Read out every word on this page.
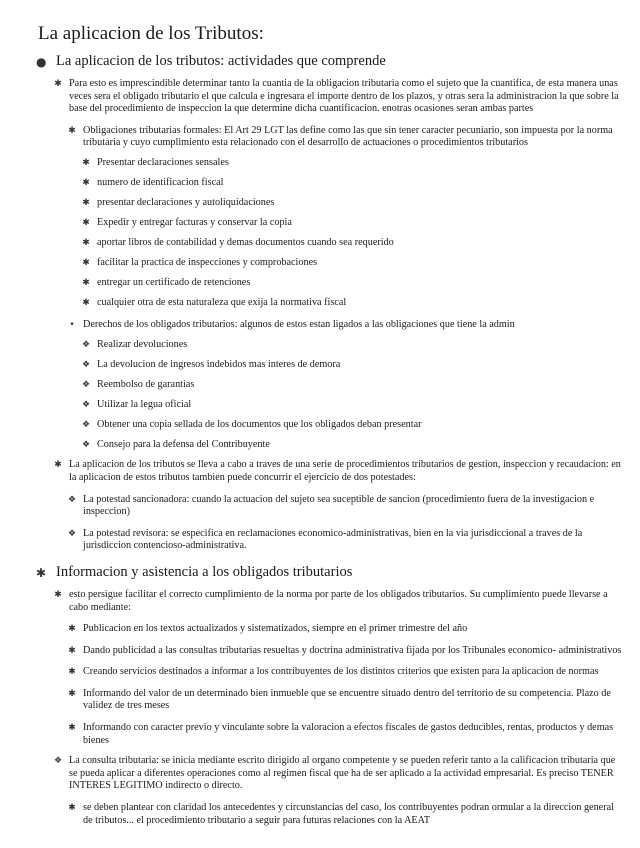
La aplicacion de los Tributos:
● La aplicacion de los tributos: actividades que comprende
✱ Para esto es imprescindible determinar tanto la cuantia de la obligacion tributaria como el sujeto que la cuantifica, de esta manera unas veces sera el obligado tributario el que calcula e ingresara el importe dentro de los plazos, y otras sera la administracion la que sobre la base del procedimiento de inspeccion la que determine dicha cuantificacion. enotras ocasiones seran ambas partes
✱ Obligaciones tributarias formales: El Art 29 LGT las define como las que sin tener caracter pecuniario, son impuesta por la norma tributaria y cuyo cumplimiento esta relacionado con el desarrollo de actuaciones o procedimientos tributarios
✱ Presentar declaraciones sensales
✱ numero de identificacion fiscal
✱ presentar declaraciones y autoliquidaciones
✱ Expedir y entregar facturas y conservar la copia
✱ aportar libros de contabilidad y demas documentos cuando sea requerido
✱ facilitar la practica de inspecciones y comprobaciones
✱ entregar un certificado de retenciones
✱ cualquier otra de esta naturaleza que exija la normativa fiscal
• Derechos de los obligados tributarios: algunos de estos estan ligados a las obligaciones que tiene la admin
❖ Realizar devoluciones
❖ La devolucion de ingresos indebidos mas interes de demora
❖ Reembolso de garantias
❖ Utilizar la legua oficial
❖ Obtener una copia sellada de los documentos que los obligados deban presentar
❖ Consejo para la defensa del Contribuyente
✱ La aplicacion de los tributos se lleva a cabo a traves de una serie de procedimientos tributarios de gestion, inspeccion y recaudacion: en la aplicacion de estos tributos tambien puede concurrir el ejercicio de dos potestades:
❖ La potestad sancionadora: cuando la actuacion del sujeto sea suceptible de sancion (procedimiento fuera de la investigacion e inspeccion)
❖ La potestad revisora: se especifica en reclamaciones economico-administrativas, bien en la via jurisdiccional a traves de la jurisdiccion contencioso-administrativa.
✱ Informacion y asistencia a los obligados tributarios
✱ esto persigue facilitar el correcto cumplimiento de la norma por parte de los obligados tributarios. Su cumplimiento puede llevarse a cabo mediante:
✱ Publicacion en los textos actualizados y sistematizados, siempre en el primer trimestre del año
✱ Dando publicidad a las consultas tributarias resueltas y doctrina administrativa fijada por los Tribunales economico- administrativos
✱ Creando servicios destinados a informar a los contribuyentes de los distintos criterios que existen para la aplicacion de normas
✱ Informando del valor de un determinado bien inmueble que se encuentre situado dentro del territorio de su competencia. Plazo de validez de tres meses
✱ Informando con caracter previo y vinculante sobre la valoracion a efectos fiscales de gastos deducibles, rentas, productos y demas bienes
❖ La consulta tributaria: se inicia mediante escrito dirigido al organo competente y se pueden referir tanto a la calificacion tributaria que se pueda aplicar a diferentes operaciones como al regimen fiscal que ha de ser aplicado a la actividad empresarial. Es preciso TENER INTERES LEGITIMO indirecto o directo.
✱ se deben plantear con claridad los antecedentes y circunstancias del caso, los contribuyentes podran ormular a la direccion general de tributos... el procedimiento tributario a seguir para futuras relaciones con la AEAT
